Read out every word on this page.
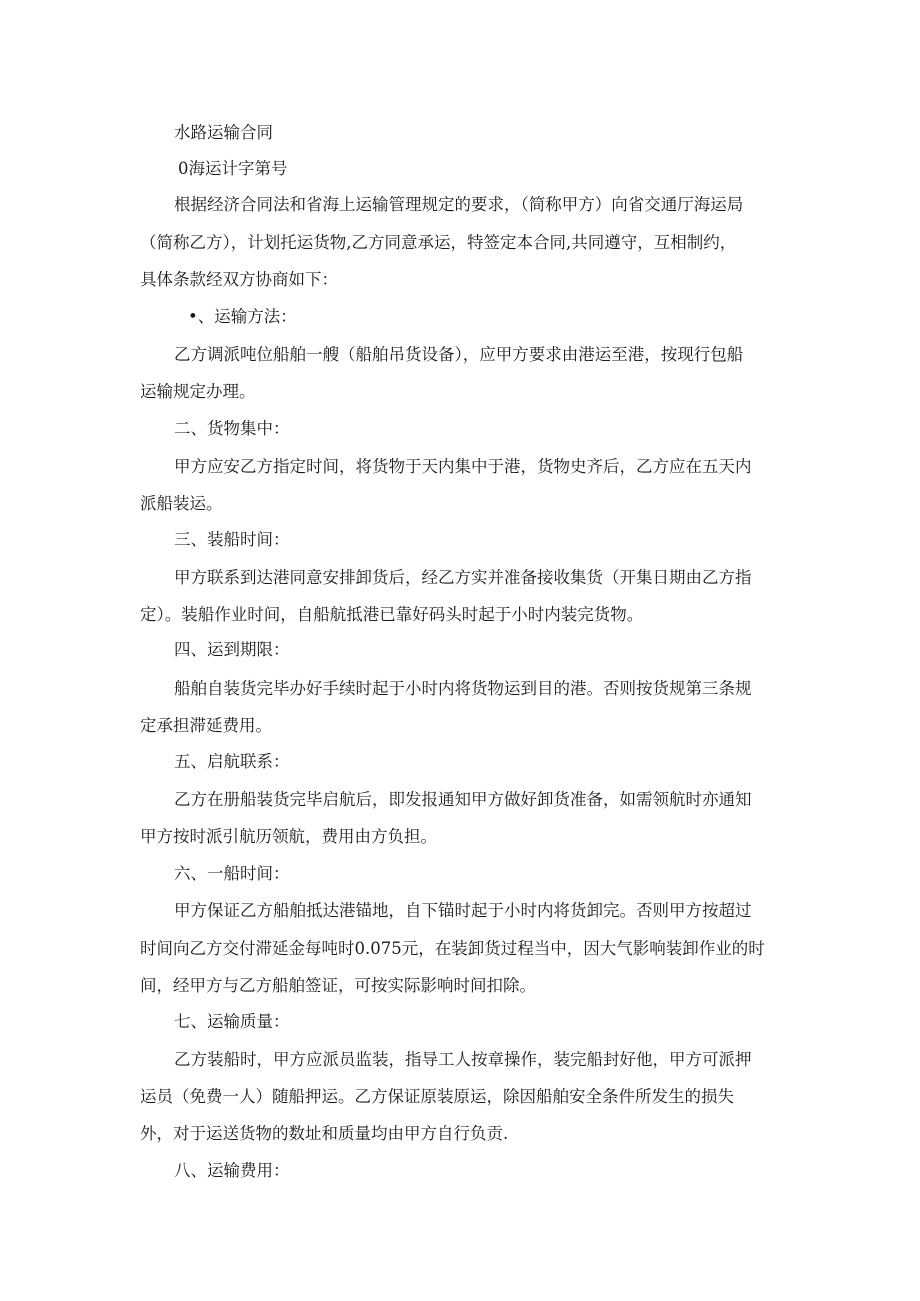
水路运输合同
0海运计字第号
根据经济合同法和省海上运输管理规定的要求，（简称甲方）向省交通厅海运局
（简称乙方），计划托运货物,乙方同意承运，特签定本合同,共同遵守，互相制约，
具体条款经双方协商如下：
•、运输方法：
乙方调派吨位船舶一艘（船舶吊货设备），应甲方要求由港运至港，按现行包船
运输规定办理。
二、货物集中：
甲方应安乙方指定时间，将货物于天内集中于港，货物史齐后，乙方应在五天内
派船装运。
三、装船时间：
甲方联系到达港同意安排卸货后，经乙方实并准备接收集货（开集日期由乙方指
定）。装船作业时间，自船航抵港已靠好码头时起于小时内装完货物。
四、运到期限：
船舶自装货完毕办好手续时起于小时内将货物运到目的港。否则按货规第三条规
定承担滞延费用。
五、启航联系：
乙方在册船装货完毕启航后，即发报通知甲方做好卸货准备，如需领航时亦通知
甲方按时派引航历领航，费用由方负担。
六、一船时间：
甲方保证乙方船舶抵达港锚地，自下锚时起于小时内将货卸完。否则甲方按超过
时间向乙方交付滞延金每吨时0.075元，在装卸货过程当中，因大气影响装卸作业的时
间，经甲方与乙方船舶签证，可按实际影响时间扣除。
七、运输质量：
乙方装船时，甲方应派员监装，指导工人按章操作，装完船封好他，甲方可派押
运员（免费一人）随船押运。乙方保证原装原运，除因船舶安全条件所发生的损失
外，对于运送货物的数址和质量均由甲方自行负贡.
八、运输费用：
